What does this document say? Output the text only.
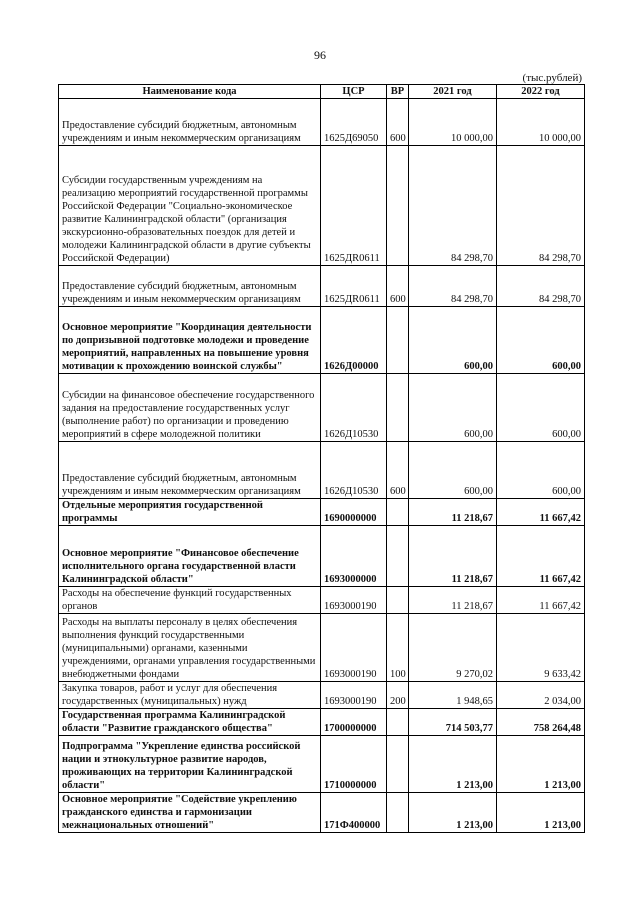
96
(тыс.рублей)
Наименование кода	ЦСР	ВР	2021 год	2022 год
Предоставление субсидий бюджетным, автономным учреждениям и иным некоммерческим организациям	1625Д69050	600	10 000,00	10 000,00
Субсидии государственным учреждениям на реализацию мероприятий государственной программы Российской Федерации "Социально-экономическое развитие Калининградской области" (организация экскурсионно-образовательных поездок для детей и молодежи Калининградской области в другие субъекты Российской Федерации)	1625ДR0611		84 298,70	84 298,70
Предоставление субсидий бюджетным, автономным учреждениям и иным некоммерческим организациям	1625ДR0611	600	84 298,70	84 298,70
Основное мероприятие "Координация деятельности по допризывной подготовке молодежи и проведение мероприятий, направленных на повышение уровня мотивации к прохождению воинской службы"	1626Д00000		600,00	600,00
Субсидии на финансовое обеспечение государственного задания на предоставление государственных услуг (выполнение работ) по организации и проведению мероприятий в сфере молодежной политики	1626Д10530		600,00	600,00
Предоставление субсидий бюджетным, автономным учреждениям и иным некоммерческим организациям	1626Д10530	600	600,00	600,00
Отдельные мероприятия государственной программы	1690000000		11 218,67	11 667,42
Основное мероприятие "Финансовое обеспечение исполнительного органа государственной власти Калининградской области"	1693000000		11 218,67	11 667,42
Расходы на обеспечение функций государственных органов	1693000190		11 218,67	11 667,42
Расходы на выплаты персоналу в целях обеспечения выполнения функций государственными (муниципальными) органами, казенными учреждениями, органами управления государственными внебюджетными фондами	1693000190	100	9 270,02	9 633,42
Закупка товаров, работ и услуг для обеспечения государственных (муниципальных) нужд	1693000190	200	1 948,65	2 034,00
Государственная программа Калининградской области "Развитие гражданского общества"	1700000000		714 503,77	758 264,48
Подпрограмма "Укрепление единства российской нации и этнокультурное развитие народов, проживающих на территории Калининградской области"	1710000000		1 213,00	1 213,00
Основное мероприятие "Содействие укреплению гражданского единства и гармонизации межнациональных отношений"	171Ф400000		1 213,00	1 213,00
